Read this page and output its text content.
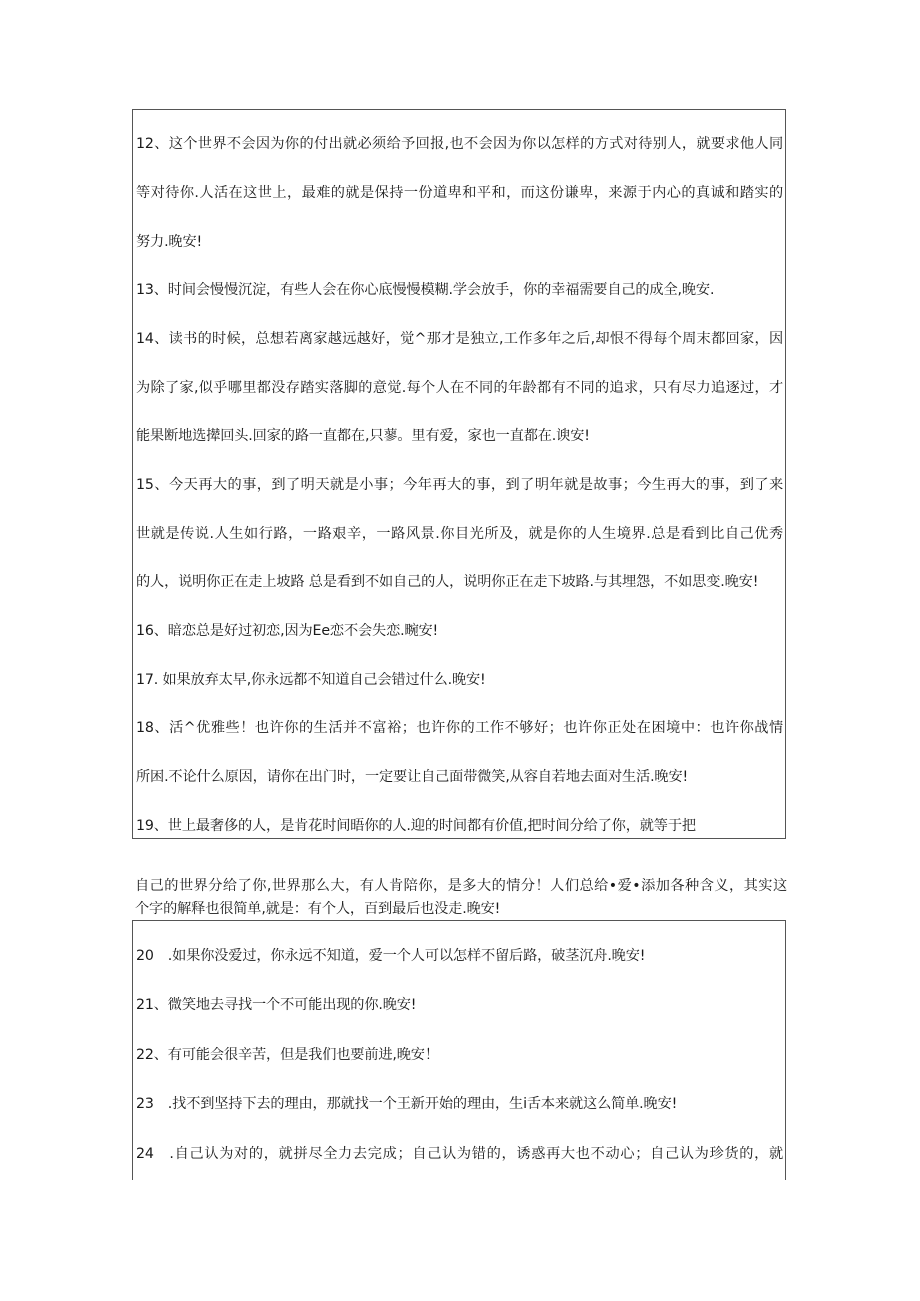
12、这个世界不会因为你的付出就必须给予回报,也不会因为你以怎样的方式对待别人，就要求他人同
等对待你.人活在这世上，最难的就是保持一份道卑和平和，而这份谦卑，来源于内心的真诚和踏实的
努力.晚安!
13、时间会慢慢沉淀，有些人会在你心底慢慢模糊.学会放手，你的幸福需要自己的成全,晚安.
14、读书的时候，总想若离家越远越好，觉^那才是独立,工作多年之后,却恨不得每个周末都回家，因
为除了家,似乎哪里都没存踏实落脚的意觉.每个人在不同的年龄都有不同的追求，只有尽力追逐过，才
能果断地选撵回头.回家的路一直都在,只蓼。里有爱，家也一直都在.谀安!
15、今天再大的事，到了明天就是小事；今年再大的事，到了明年就是故事；今生再大的事，到了来
世就是传说.人生如行路，一路艰辛，一路风景.你目光所及，就是你的人生境界.总是看到比自己优秀
的人，说明你正在走上坡路 总是看到不如自己的人，说明你正在走下坡路.与其埋怨，不如思变.晚安!
16、暗恋总是好过初恋,因为Ee恋不会失恋.畹安!
17. 如果放弃太早,你永远都不知道自己会错过什么.晚安!
18、活^优雅些！也许你的生活并不富裕；也许你的工作不够好；也许你正处在困境中：也许你战情
所困.不论什么原因，请你在出门时，一定要让自己面带微笑,从容自若地去面对生活.晚安!
19、世上最奢侈的人，是肯花时间晤你的人.迎的时间都有价值,把时间分给了你，就等于把
自己的世界分给了你,世界那么大，有人肯陪你，是多大的情分！人们总给•爱•添加各种含义，其实这
个字的解释也很简单,就是：有个人，百到最后也没走.晚安!
20　.如果你没爱过，你永远不知道，爱一个人可以怎样不留后路，破茎沉舟.晚安!
21、微笑地去寻找一个不可能出现的你.晚安!
22、有可能会很辛苦，但是我们也要前进,晚安！
23　.找不到坚持下去的理由，那就找一个王新开始的理由，生i舌本来就这么简单.晚安!
24　.自己认为对的，就拼尽全力去完成；自己认为错的，诱惑再大也不动心；自己认为珍货的，就
